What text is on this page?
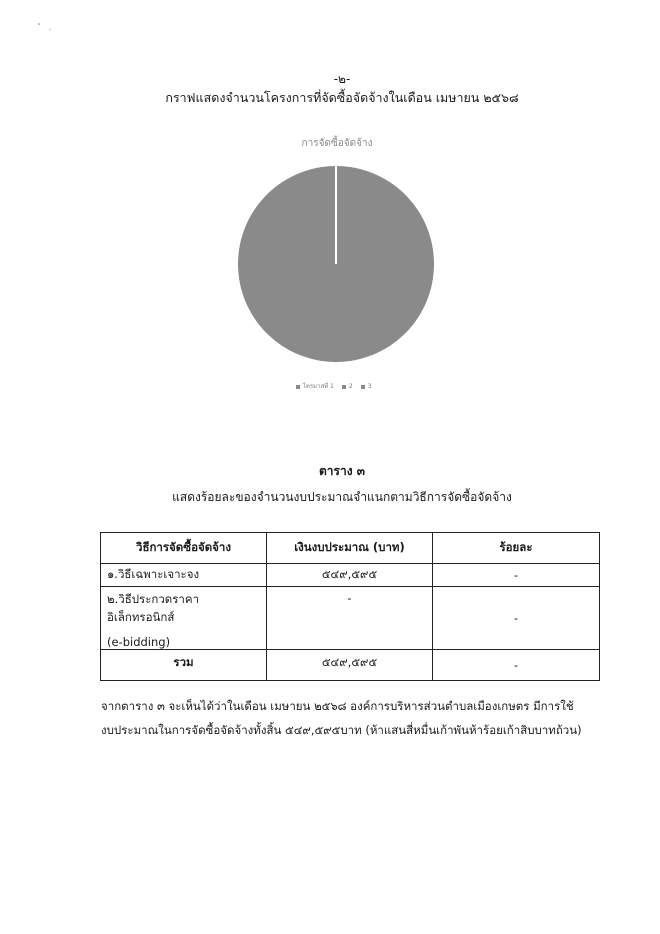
・ ˏ
-๒-
กราฟแสดงจำนวนโครงการที่จัดซื้อจัดจ้างในเดือน เมษายน ๒๕๖๘
การจัดซื้อจัดจ้าง
ไตรมาสที่ 1	2	3
ตาราง ๓
แสดงร้อยละของจำนวนงบประมาณจำแนกตามวิธีการจัดซื้อจัดจ้าง
วิธีการจัดซื้อจัดจ้าง	เงินงบประมาณ (บาท)	ร้อยละ
๑.วิธีเฉพาะเจาะจง	๕๔๙,๕๙๕	-

๒.วิธีประกวดราคาอิเล็กทรอนิกส์
(e-bidding)	-	-
รวม	๕๔๙,๕๙๕	-
จากตาราง ๓ จะเห็นได้ว่าในเดือน เมษายน ๒๕๖๘ องค์การบริหารส่วนตำบลเมืองเกษตร มีการใช้
งบประมาณในการจัดซื้อจัดจ้างทั้งสิ้น ๕๔๙,๕๙๕บาท (ห้าแสนสี่หมื่นเก้าพันห้าร้อยเก้าสิบบาทถ้วน)
